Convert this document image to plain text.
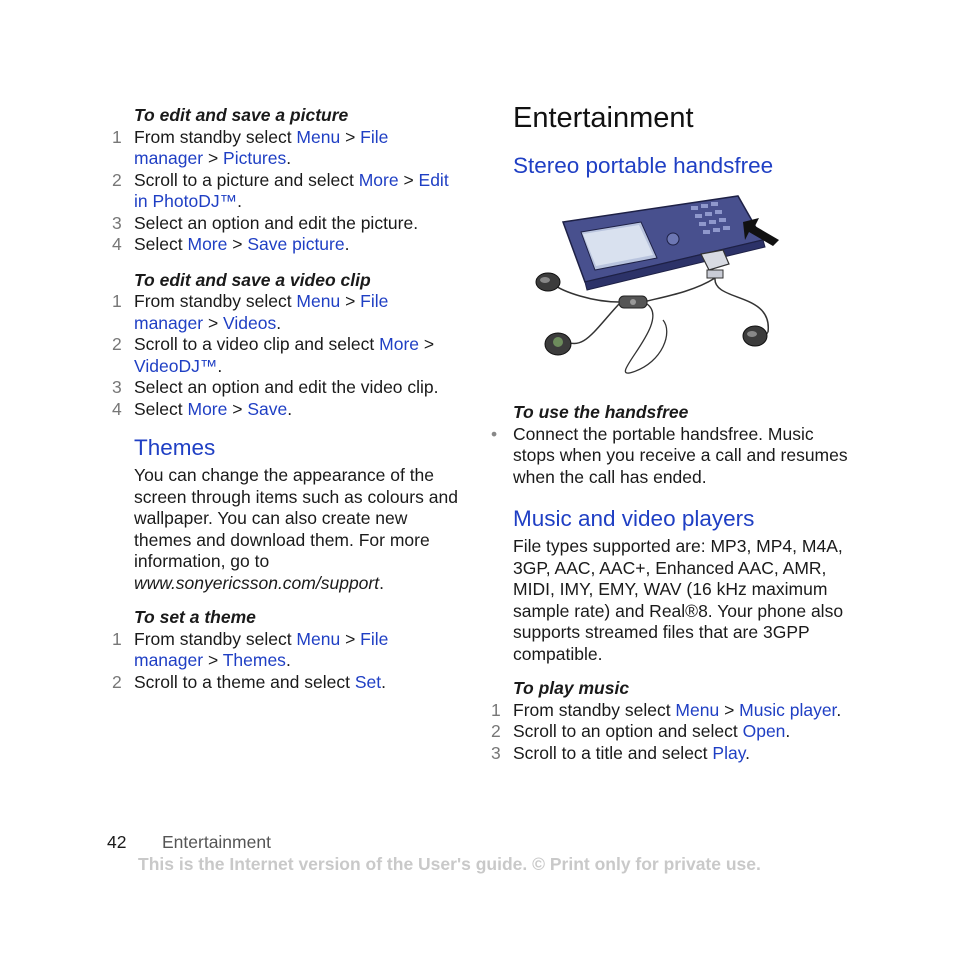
To edit and save a picture
1 From standby select Menu > File manager > Pictures.
2 Scroll to a picture and select More > Edit in PhotoDJ™.
3 Select an option and edit the picture.
4 Select More > Save picture.
To edit and save a video clip
1 From standby select Menu > File manager > Videos.
2 Scroll to a video clip and select More > VideoDJ™.
3 Select an option and edit the video clip.
4 Select More > Save.
Themes
You can change the appearance of the screen through items such as colours and wallpaper. You can also create new themes and download them. For more information, go to www.sonyericsson.com/support.
To set a theme
1 From standby select Menu > File manager > Themes.
2 Scroll to a theme and select Set.
Entertainment
Stereo portable handsfree
To use the handsfree
• Connect the portable handsfree. Music stops when you receive a call and resumes when the call has ended.
Music and video players
File types supported are: MP3, MP4, M4A, 3GP, AAC, AAC+, Enhanced AAC, AMR, MIDI, IMY, EMY, WAV (16 kHz maximum sample rate) and Real®8. Your phone also supports streamed files that are 3GPP compatible.
To play music
1 From standby select Menu > Music player.
2 Scroll to an option and select Open.
3 Scroll to a title and select Play.
42 Entertainment
This is the Internet version of the User's guide. © Print only for private use.
